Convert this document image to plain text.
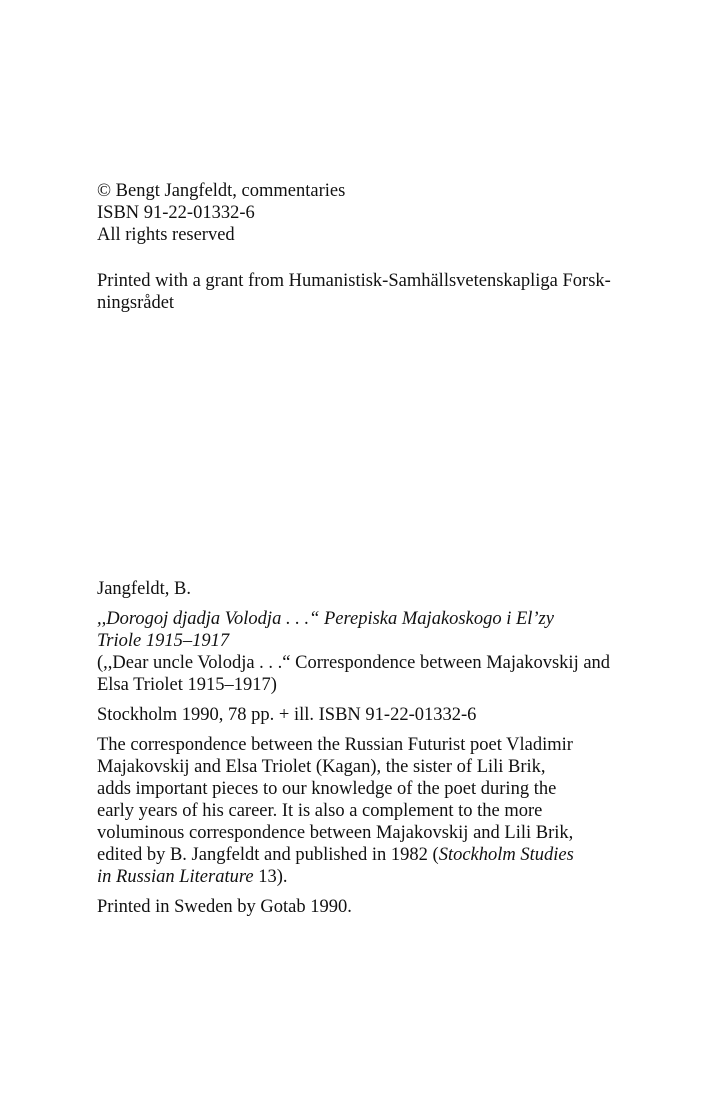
© Bengt Jangfeldt, commentaries
ISBN 91-22-01332-6
All rights reserved
Printed with a grant from Humanistisk-Samhällsvetenskapliga Forsk-
ningsrådet
Jangfeldt, B.
,,Dorogoj djadja Volodja . . .“ Perepiska Majakoskogo i El’zy
Triole 1915–1917
(,,Dear uncle Volodja . . .“ Correspondence between Majakovskij and
Elsa Triolet 1915–1917)
Stockholm 1990, 78 pp. + ill. ISBN 91-22-01332-6
The correspondence between the Russian Futurist poet Vladimir
Majakovskij and Elsa Triolet (Kagan), the sister of Lili Brik,
adds important pieces to our knowledge of the poet during the
early years of his career. It is also a complement to the more
voluminous correspondence between Majakovskij and Lili Brik,
edited by B. Jangfeldt and published in 1982 (Stockholm Studies
in Russian Literature 13).
Printed in Sweden by Gotab 1990.
